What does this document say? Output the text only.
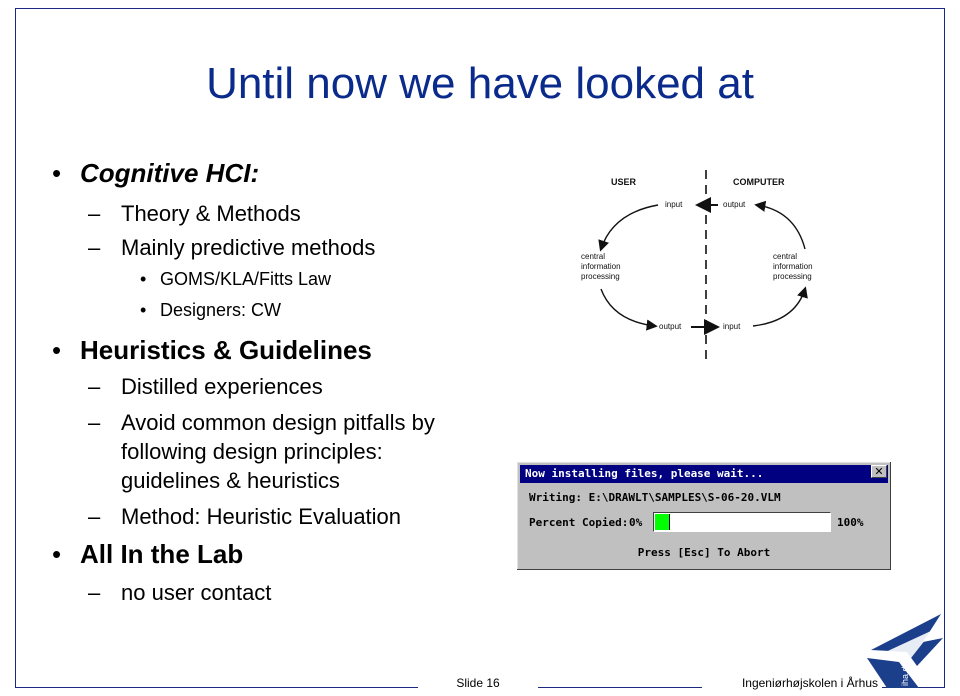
Until now we have looked at
• Cognitive HCI:
– Theory & Methods
– Mainly predictive methods
• GOMS/KLA/Fitts Law
• Designers: CW
• Heuristics & Guidelines
– Distilled experiences
– Avoid common design pitfalls by
following design principles:
guidelines & heuristics
– Method: Heuristic Evaluation
• All In the Lab
– no user contact
USER	COMPUTER
input	output
output	input
central
information
processing
central
information
processing
Now installing files, please wait...	✕
Writing: E:\DRAWLT\SAMPLES\S-06-20.VLM
Percent Copied: 0%	100%
Press [Esc] To Abort
iha.dk
Slide 16	Ingeniørhøjskolen i Århus
